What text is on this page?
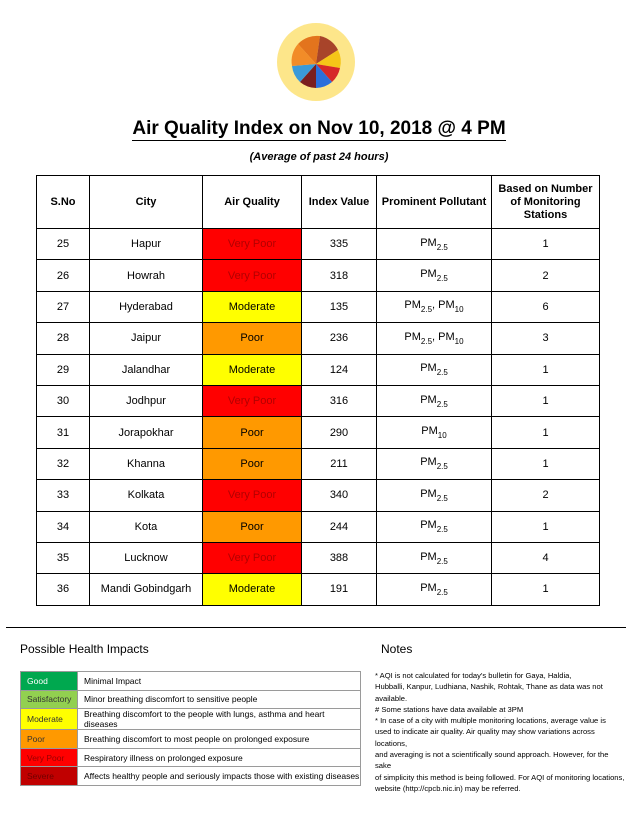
Air Quality Index on Nov 10, 2018 @ 4 PM
(Average of past 24 hours)
S.No	City	Air Quality	Index Value	Prominent Pollutant	Based on Number of Monitoring Stations

25	Hapur	Very Poor	335	$PM_{2.5}$	1
26	Howrah	Very Poor	318	$PM_{2.5}$	2
27	Hyderabad	Moderate	135	$PM_{2.5}$, $PM_{10}$	6
28	Jaipur	Poor	236	$PM_{2.5}$, $PM_{10}$	3
29	Jalandhar	Moderate	124	$PM_{2.5}$	1
30	Jodhpur	Very Poor	316	$PM_{2.5}$	1
31	Jorapokhar	Poor	290	$PM_{10}$	1
32	Khanna	Poor	211	$PM_{2.5}$	1
33	Kolkata	Very Poor	340	$PM_{2.5}$	2
34	Kota	Poor	244	$PM_{2.5}$	1
35	Lucknow	Very Poor	388	$PM_{2.5}$	4
36	Mandi Gobindgarh	Moderate	191	$PM_{2.5}$	1
Possible Health Impacts	Notes
Good	Minimal Impact
Satisfactory	Minor breathing discomfort to sensitive people
Moderate	Breathing discomfort to the people with lungs, asthma and heart diseases
Poor	Breathing discomfort to most people on prolonged exposure
Very Poor	Respiratory illness on prolonged exposure
Severe	Affects healthy people and seriously impacts those with existing diseases

* AQI is not calculated for today's bulletin for Gaya, Haldia,

Hubballi, Kanpur, Ludhiana, Nashik, Rohtak, Thane as data was not

available.

# Some stations have data available at 3PM

* In case of a city with multiple monitoring locations, average value is

used to indicate air quality. Air quality may show variations across locations,

and averaging is not a scientifically sound approach. However, for the sake

of simplicity this method is being followed. For AQI of monitoring locations,

website (http://cpcb.nic.in) may be referred.
